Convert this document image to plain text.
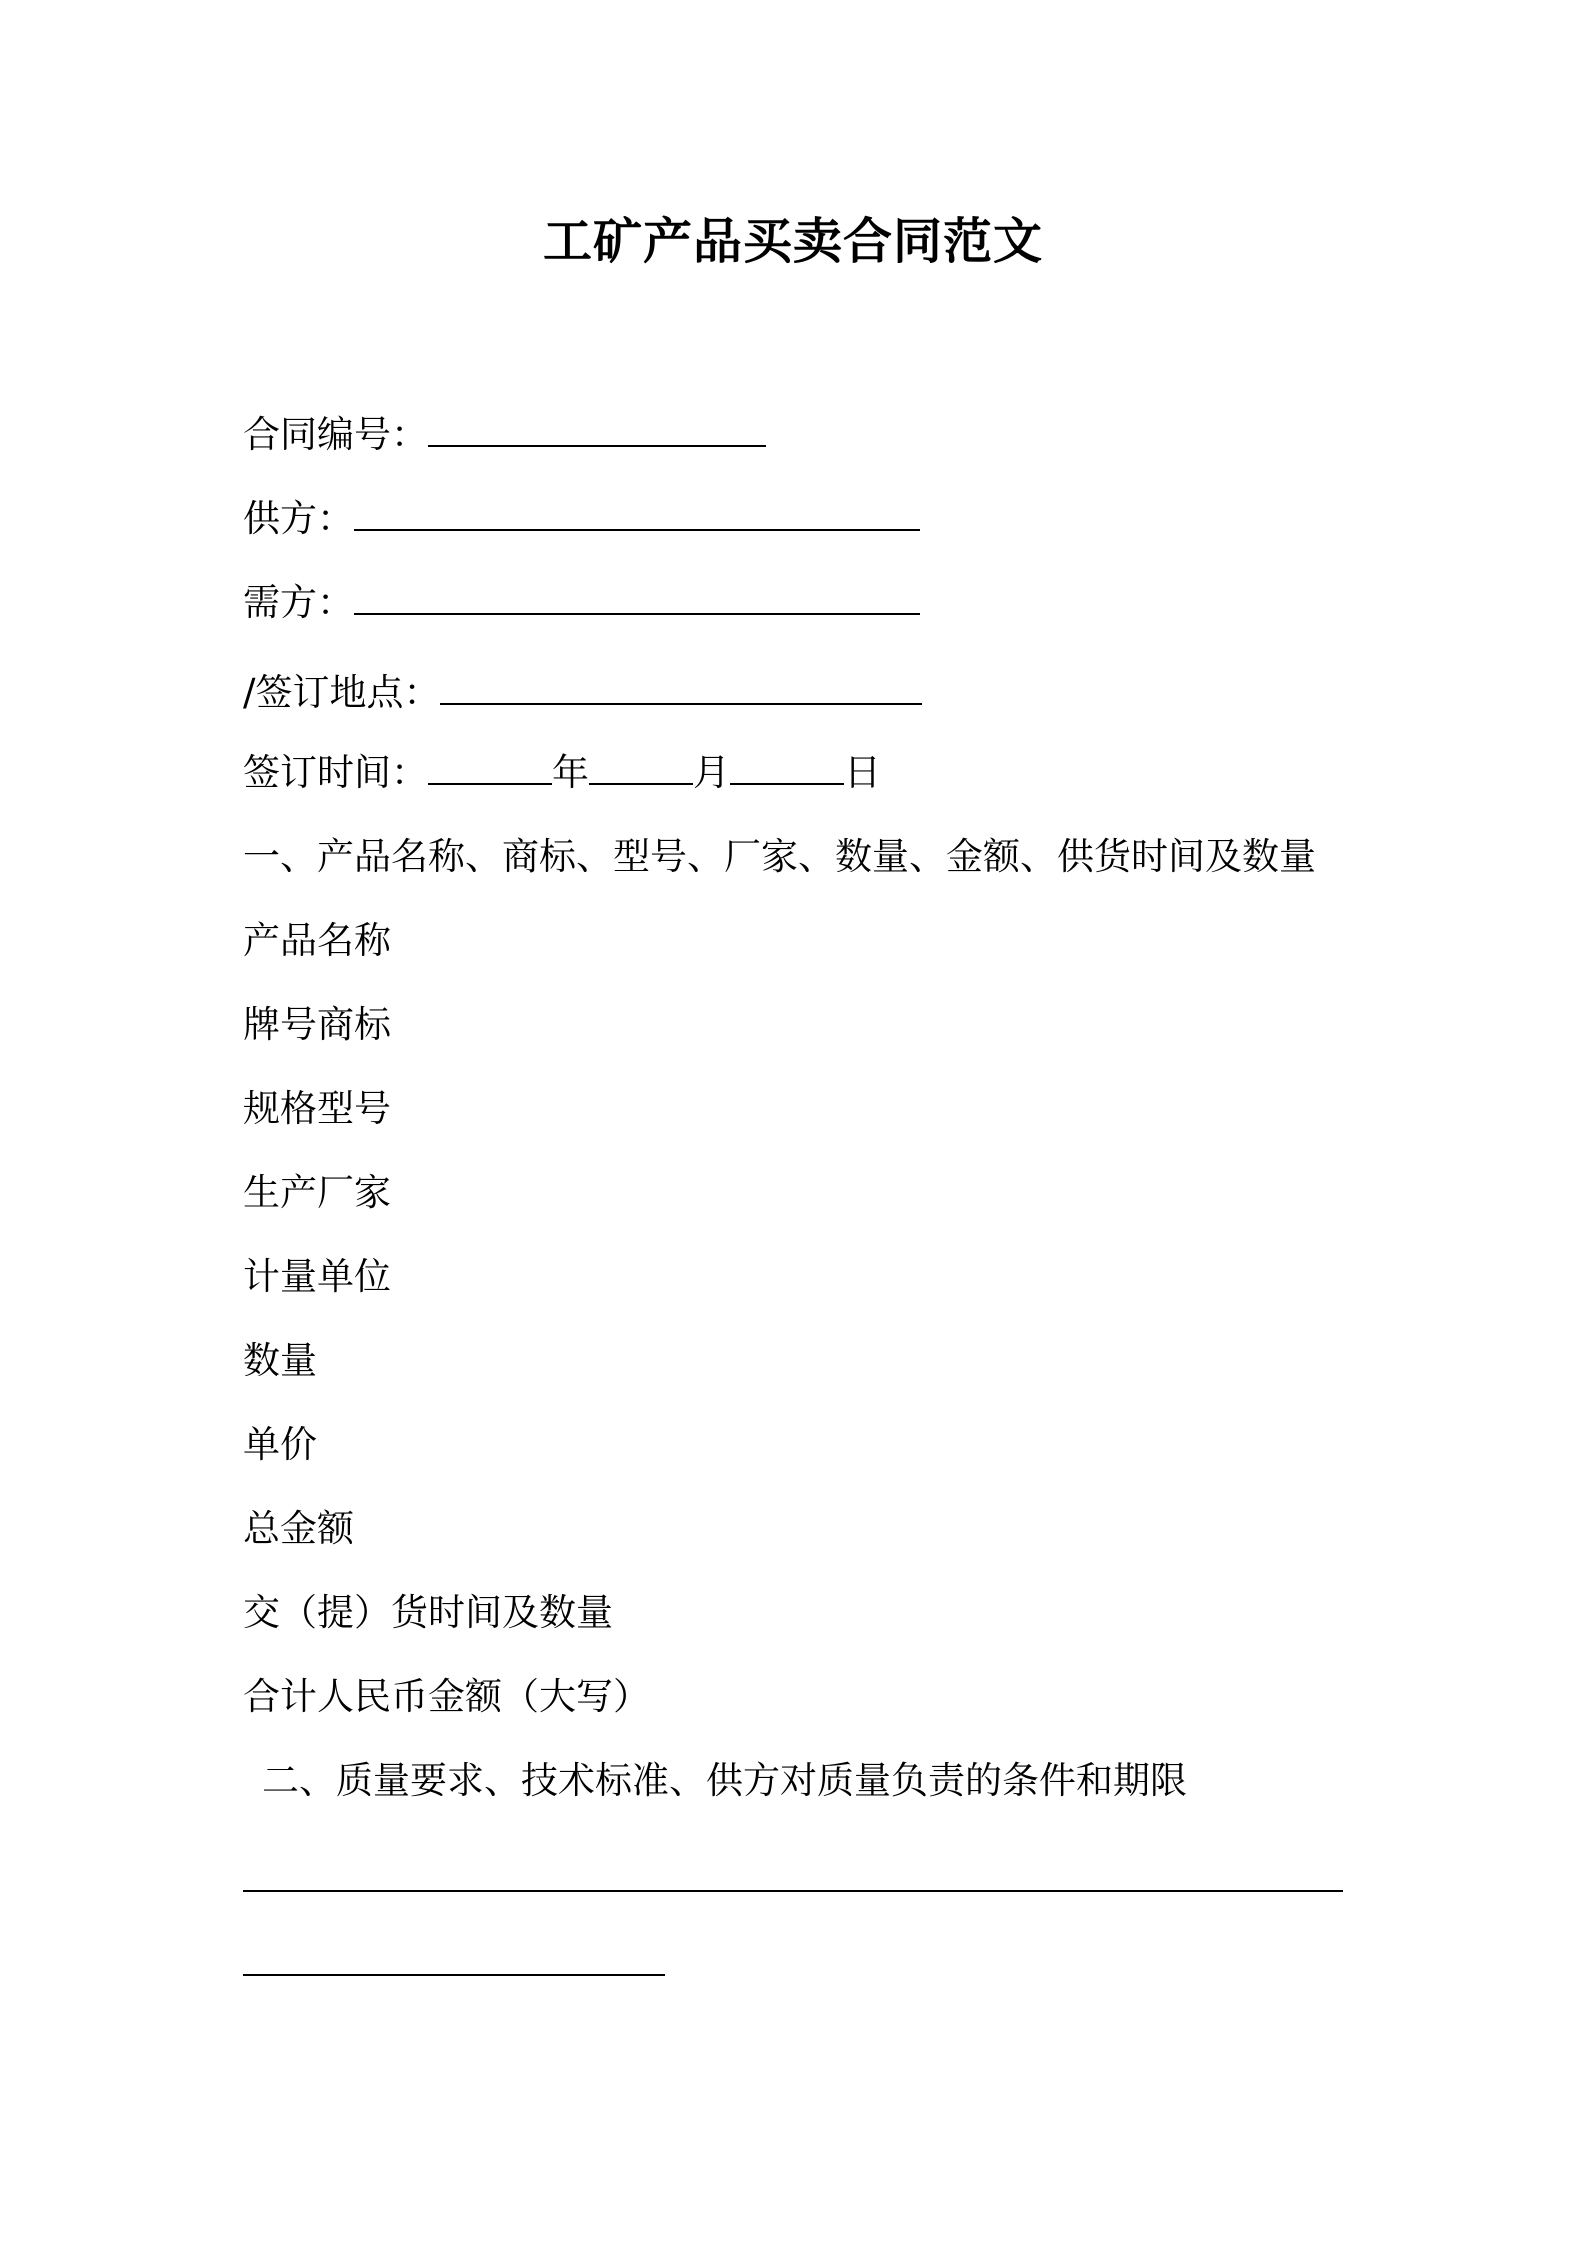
工矿产品买卖合同范文
合同编号：
供方：
需方：
/签订地点：
签订时间：	年	月	日
一、产品名称、商标、型号、厂家、数量、金额、供货时间及数量
产品名称
牌号商标
规格型号
生产厂家
计量单位
数量
单价
总金额
交（提）货时间及数量
合计人民币金额（大写）
二、质量要求、技术标准、供方对质量负责的条件和期限
